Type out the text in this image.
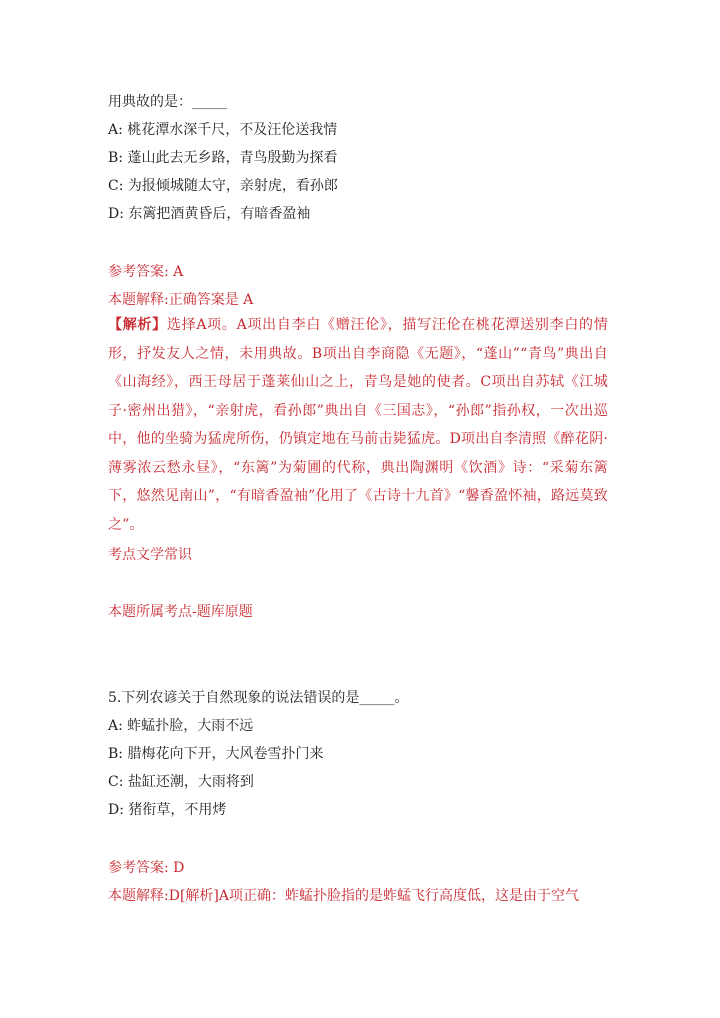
用典故的是：_____
A: 桃花潭水深千尺，不及汪伦送我情
B: 蓬山此去无乡路，青鸟殷勤为探看
C: 为报倾城随太守，亲射虎，看孙郎
D: 东篱把酒黄昏后，有暗香盈袖
参考答案: A
本题解释:正确答案是 A
【解析】选择A项。A项出自李白《赠汪伦》，描写汪伦在桃花潭送别李白的情形，抒发友人之情，未用典故。B项出自李商隐《无题》，“蓬山”“青鸟”典出自《山海经》，西王母居于蓬莱仙山之上，青鸟是她的使者。C项出自苏轼《江城子·密州出猎》，“亲射虎，看孙郎”典出自《三国志》，“孙郎”指孙权，一次出巡中，他的坐骑为猛虎所伤，仍镇定地在马前击毙猛虎。D项出自李清照《醉花阴·薄雾浓云愁永昼》，“东篱”为菊圃的代称，典出陶渊明《饮酒》诗：“采菊东篱下，悠然见南山”，“有暗香盈袖”化用了《古诗十九首》“馨香盈怀袖，路远莫致之”。
考点文学常识
本题所属考点-题库原题
5.下列农谚关于自然现象的说法错误的是_____。
A: 蚱蜢扑脸，大雨不远
B: 腊梅花向下开，大风卷雪扑门来
C: 盐缸还潮，大雨将到
D: 猪衔草，不用烤
参考答案: D
本题解释:D[解析]A项正确：蚱蜢扑脸指的是蚱蜢飞行高度低，这是由于空气
